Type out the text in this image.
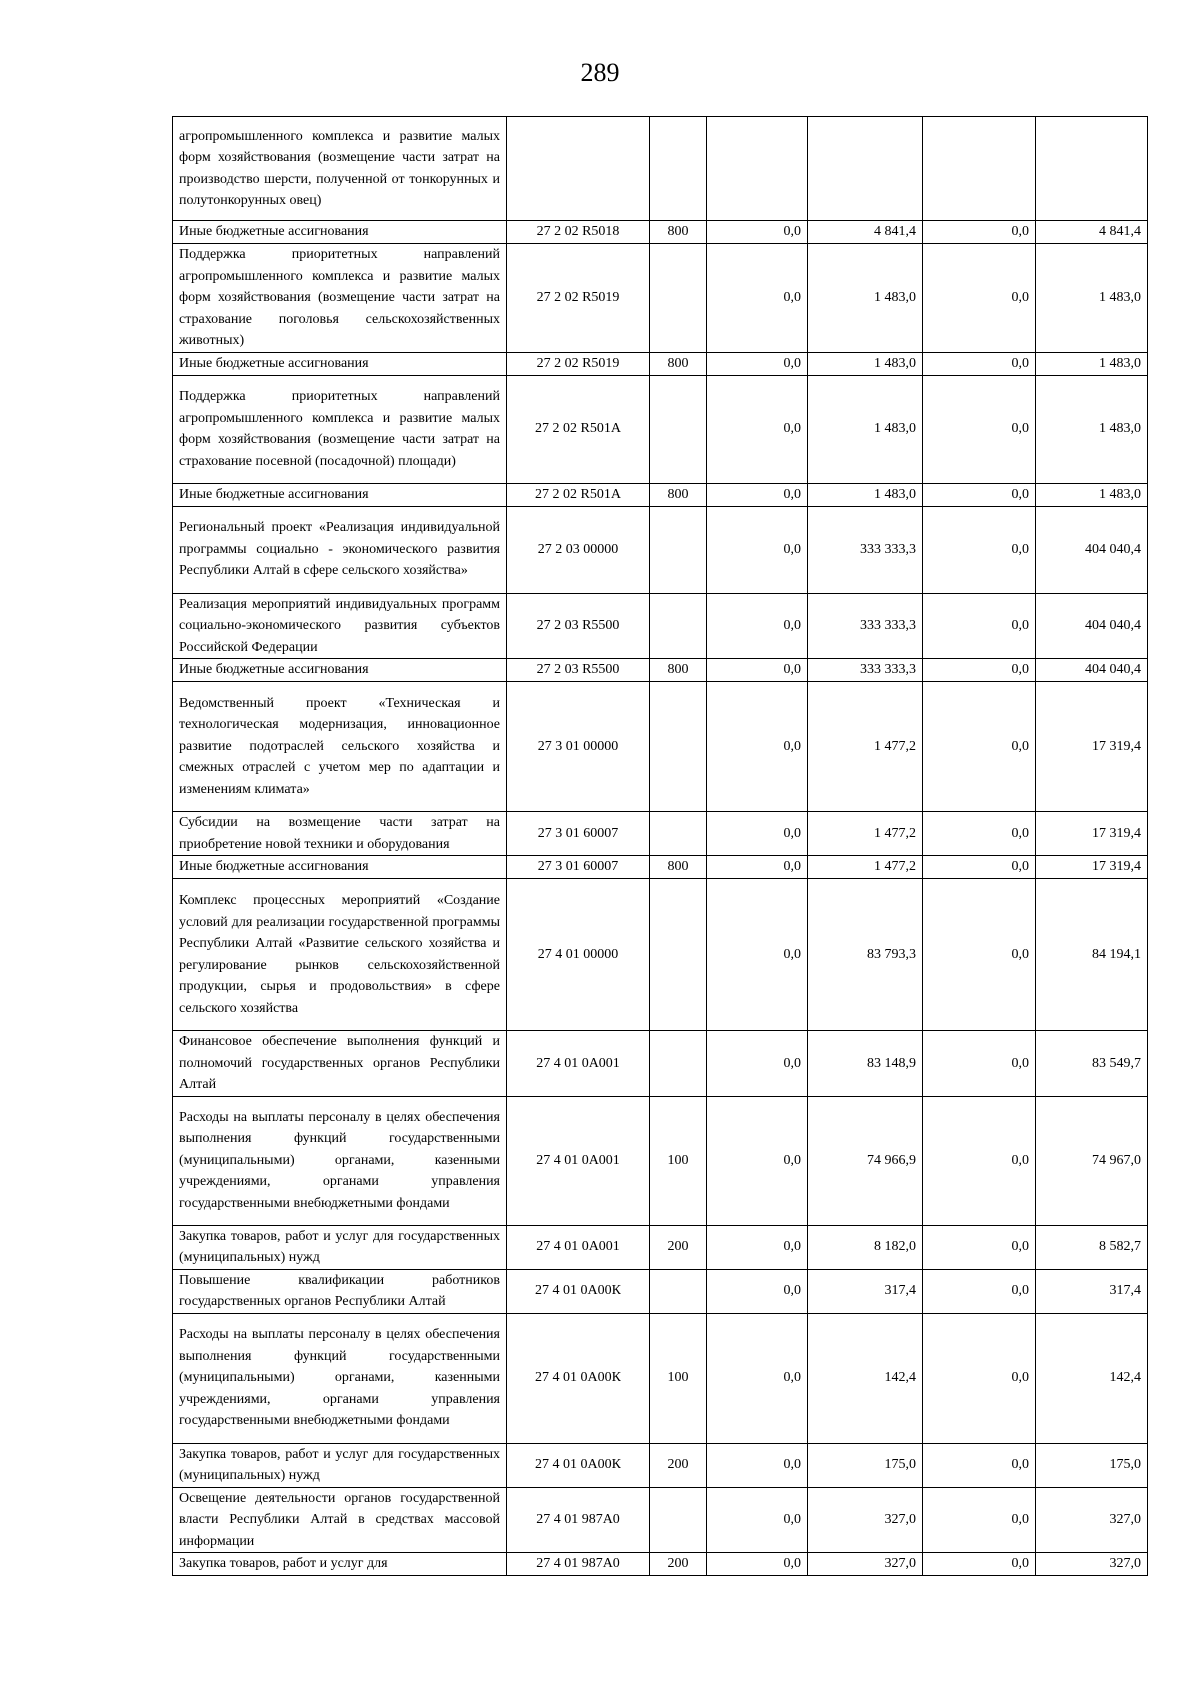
289
агропромышленного комплекса и развитие малых форм хозяйствования (возмещение части затрат на производство шерсти, полученной от тонкорунных и полутонкорунных овец)						
Иные бюджетные ассигнования	27 2 02 R5018	800	0,0	4 841,4	0,0	4 841,4
Поддержка приоритетных направлений агропромышленного комплекса и развитие малых форм хозяйствования (возмещение части затрат на страхование поголовья сельскохозяйственных животных)	27 2 02 R5019		0,0	1 483,0	0,0	1 483,0
Иные бюджетные ассигнования	27 2 02 R5019	800	0,0	1 483,0	0,0	1 483,0
Поддержка приоритетных направлений агропромышленного комплекса и развитие малых форм хозяйствования (возмещение части затрат на страхование посевной (посадочной) площади)	27 2 02 R501A		0,0	1 483,0	0,0	1 483,0
Иные бюджетные ассигнования	27 2 02 R501A	800	0,0	1 483,0	0,0	1 483,0
Региональный проект «Реализация индивидуальной программы социально - экономического развития Республики Алтай в сфере сельского хозяйства»	27 2 03 00000		0,0	333 333,3	0,0	404 040,4
Реализация мероприятий индивидуальных программ социально-экономического развития субъектов Российской Федерации	27 2 03 R5500		0,0	333 333,3	0,0	404 040,4
Иные бюджетные ассигнования	27 2 03 R5500	800	0,0	333 333,3	0,0	404 040,4
Ведомственный проект «Техническая и технологическая модернизация, инновационное развитие подотраслей сельского хозяйства и смежных отраслей с учетом мер по адаптации и изменениям климата»	27 3 01 00000		0,0	1 477,2	0,0	17 319,4
Субсидии на возмещение части затрат на приобретение новой техники и оборудования	27 3 01 60007		0,0	1 477,2	0,0	17 319,4
Иные бюджетные ассигнования	27 3 01 60007	800	0,0	1 477,2	0,0	17 319,4
Комплекс процессных мероприятий «Создание условий для реализации государственной программы Республики Алтай «Развитие сельского хозяйства и регулирование рынков сельскохозяйственной продукции, сырья и продовольствия» в сфере сельского хозяйства	27 4 01 00000		0,0	83 793,3	0,0	84 194,1
Финансовое обеспечение выполнения функций и полномочий государственных органов Республики Алтай	27 4 01 0А001		0,0	83 148,9	0,0	83 549,7
Расходы на выплаты персоналу в целях обеспечения выполнения функций государственными (муниципальными) органами, казенными учреждениями, органами управления государственными внебюджетными фондами	27 4 01 0А001	100	0,0	74 966,9	0,0	74 967,0
Закупка товаров, работ и услуг для государственных (муниципальных) нужд	27 4 01 0А001	200	0,0	8 182,0	0,0	8 582,7
Повышение квалификации работников государственных органов Республики Алтай	27 4 01 0А00К		0,0	317,4	0,0	317,4
Расходы на выплаты персоналу в целях обеспечения выполнения функций государственными (муниципальными) органами, казенными учреждениями, органами управления государственными внебюджетными фондами	27 4 01 0А00К	100	0,0	142,4	0,0	142,4
Закупка товаров, работ и услуг для государственных (муниципальных) нужд	27 4 01 0А00К	200	0,0	175,0	0,0	175,0
Освещение деятельности органов государственной власти Республики Алтай в средствах массовой информации	27 4 01 987А0		0,0	327,0	0,0	327,0
Закупка товаров, работ и услуг для	27 4 01 987А0	200	0,0	327,0	0,0	327,0
